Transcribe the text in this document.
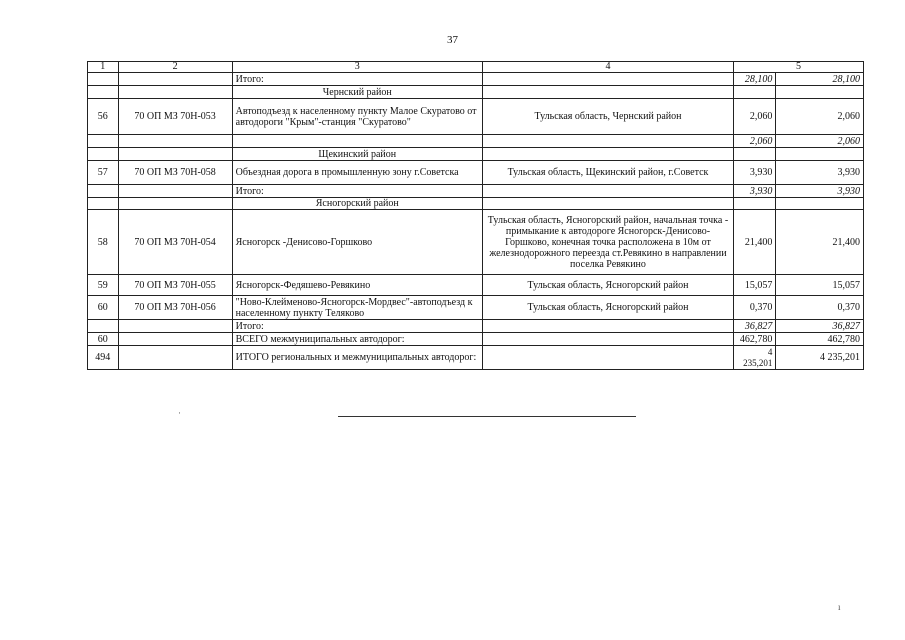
37
1	2	3	4	5	
		Итого:		28,100	28,100
		Чернский район			
56	70 ОП МЗ 70Н-053	Автоподъезд к населенному пункту Малое Скуратово от автодороги "Крым"-станция "Скуратово"	Тульская область, Чернский район	2,060	2,060
				2,060	2,060
		Щекинский район			
57	70 ОП МЗ 70Н-058	Объездная дорога в промышленную зону г.Советска	Тульская область, Щекинский район, г.Советск	3,930	3,930
		Итого:		3,930	3,930
		Ясногорский район			
58	70 ОП МЗ 70Н-054	Ясногорск -Денисово-Горшково	Тульская область, Ясногорский район, начальная точка - примыкание к автодороге Ясногорск-Денисово-Горшково, конечная точка расположена в 10м от железнодорожного переезда ст.Ревякино в направлении поселка Ревякино	21,400	21,400
59	70 ОП МЗ 70Н-055	Ясногорск-Федяшево-Ревякино	Тульская область, Ясногорский район	15,057	15,057
60	70 ОП МЗ 70Н-056	"Ново-Клейменово-Ясногорск-Мордвес"-автоподъезд к населенному пункту Теляково	Тульская область, Ясногорский район	0,370	0,370
		Итого:		36,827	36,827
60		ВСЕГО межмуниципальных автодорог:		462,780	462,780
494		ИТОГО региональных и межмуниципальных автодорог:		4 235,201	4 235,201
·
ı
